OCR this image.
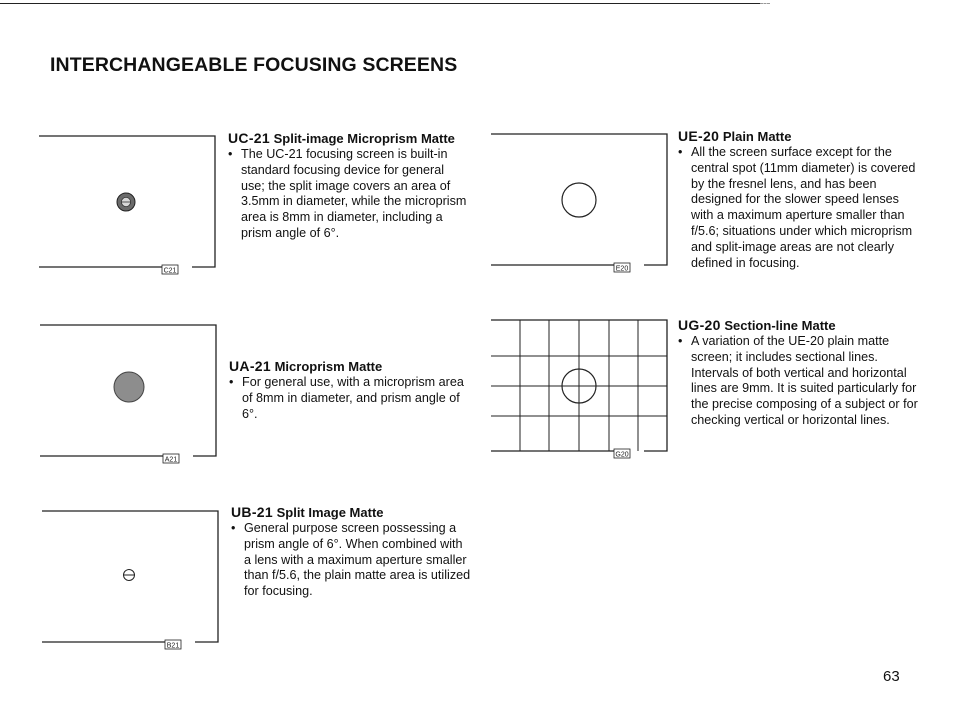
INTERCHANGEABLE FOCUSING SCREENS
C21
UC-21 Split-image Microprism Matte
• The UC-21 focusing screen is built-in standard focusing device for general use; the split image covers an area of 3.5mm in diameter, while the microprism area is 8mm in diameter, including a prism angle of 6°.
A21
UA-21 Microprism Matte
• For general use, with a microprism area of 8mm in diameter, and prism angle of 6°.
B21
UB-21 Split Image Matte
• General purpose screen possessing a prism angle of 6°. When combined with a lens with a maximum aperture smaller than f/5.6, the plain matte area is utilized for focusing.
E20
UE-20 Plain Matte
• All the screen surface except for the central spot (11mm diameter) is covered by the fresnel lens, and has been designed for the slower speed lenses with a maximum aperture smaller than f/5.6; situations under which microprism and split-image areas are not clearly defined in focusing.
G20
UG-20 Section-line Matte
• A variation of the UE-20 plain matte screen; it includes sectional lines. Intervals of both vertical and horizontal lines are 9mm. It is suited particularly for the precise composing of a subject or for checking vertical or horizontal lines.
63
